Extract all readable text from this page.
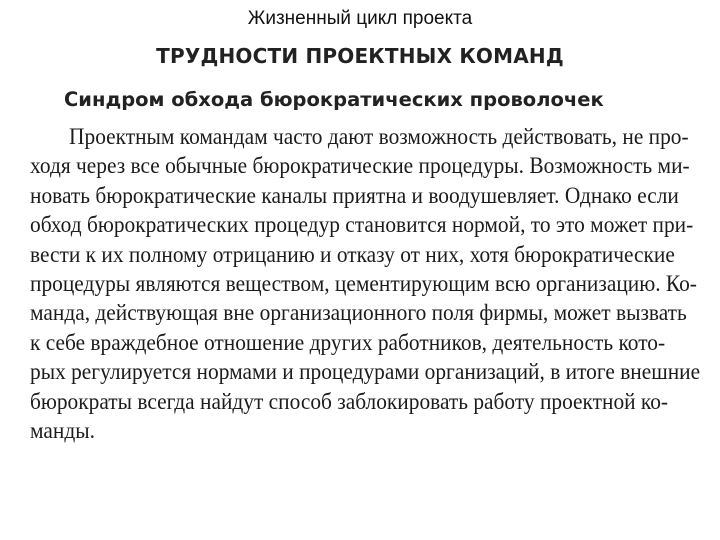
Жизненный цикл проекта
ТРУДНОСТИ ПРОЕКТНЫХ КОМАНД
Синдром обхода бюрократических проволочек
Проектным командам часто дают возможность действовать, не про-
ходя через все обычные бюрократические процедуры. Возможность ми-
новать бюрократические каналы приятна и воодушевляет. Однако если
обход бюрократических процедур становится нормой, то это может при-
вести к их полному отрицанию и отказу от них, хотя бюрократические
процедуры являются веществом, цементирующим всю организацию. Ко-
манда, действующая вне организационного поля фирмы, может вызвать
к себе враждебное отношение других работников, деятельность кото-
рых регулируется нормами и процедурами организаций, в итоге внешние
бюрократы всегда найдут способ заблокировать работу проектной ко-
манды.
